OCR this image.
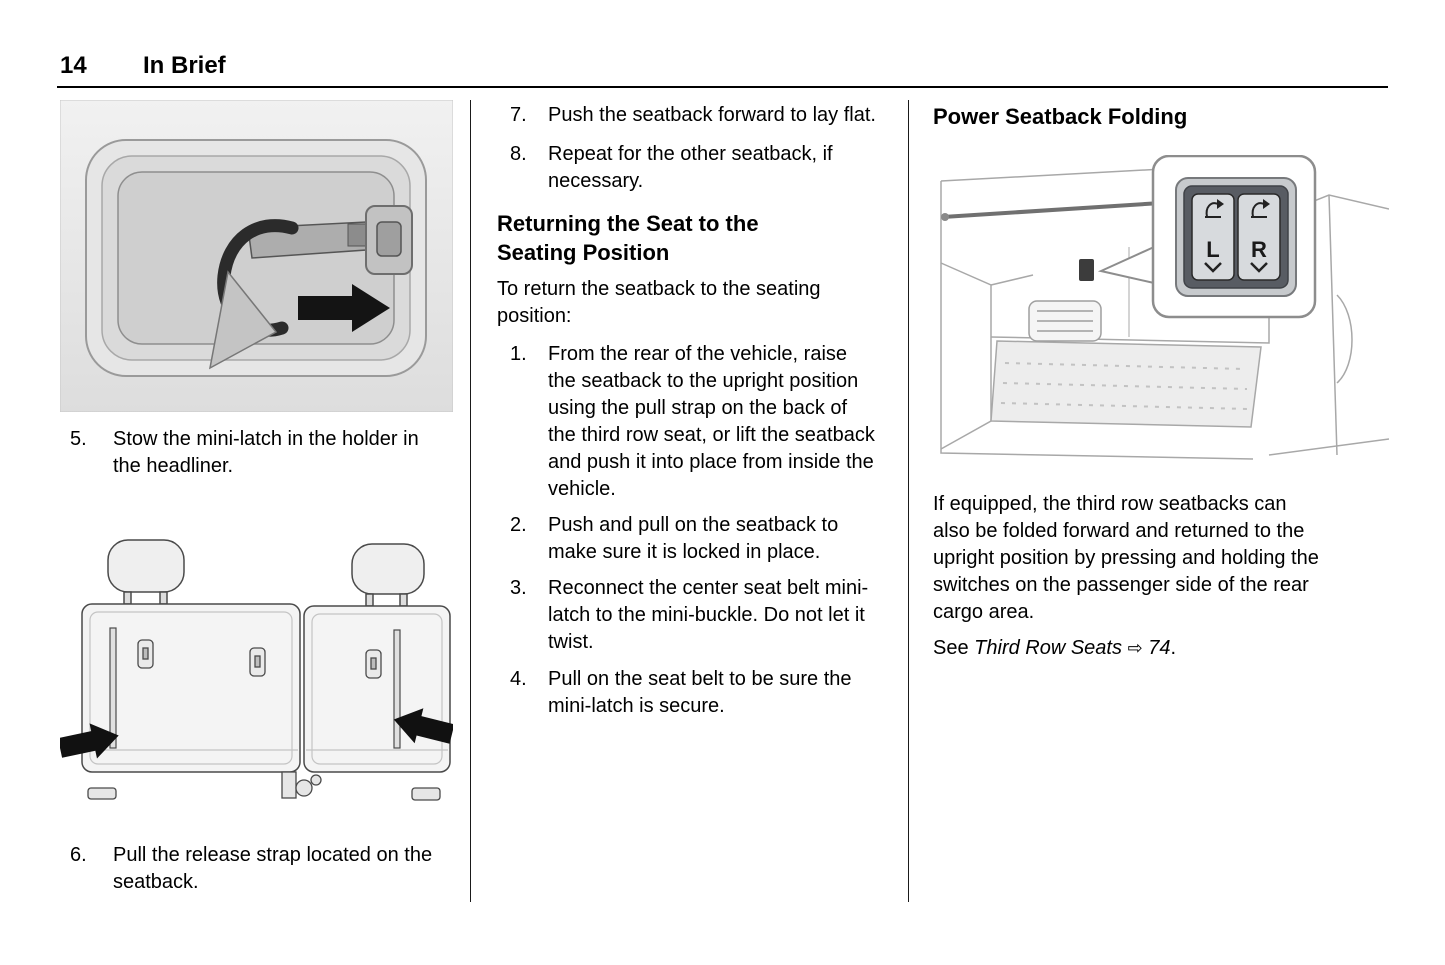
14 In Brief
5.	Stow the mini-latch in the holder in the headliner.
6.	Pull the release strap located on the seatback.
7.	Push the seatback forward to lay flat.
8.	Repeat for the other seatback, if necessary.
Returning the Seat to the Seating Position
To return the seatback to the seating position:
1.	From the rear of the vehicle, raise the seatback to the upright position using the pull strap on the back of the third row seat, or lift the seatback and push it into place from inside the vehicle.
2.	Push and pull on the seatback to make sure it is locked in place.
3.	Reconnect the center seat belt mini-latch to the mini-buckle. Do not let it twist.
4.	Pull on the seat belt to be sure the mini-latch is secure.
Power Seatback Folding
L R
If equipped, the third row seatbacks can also be folded forward and returned to the upright position by pressing and holding the switches on the passenger side of the rear cargo area.
See Third Row Seats ⇨ 74.
